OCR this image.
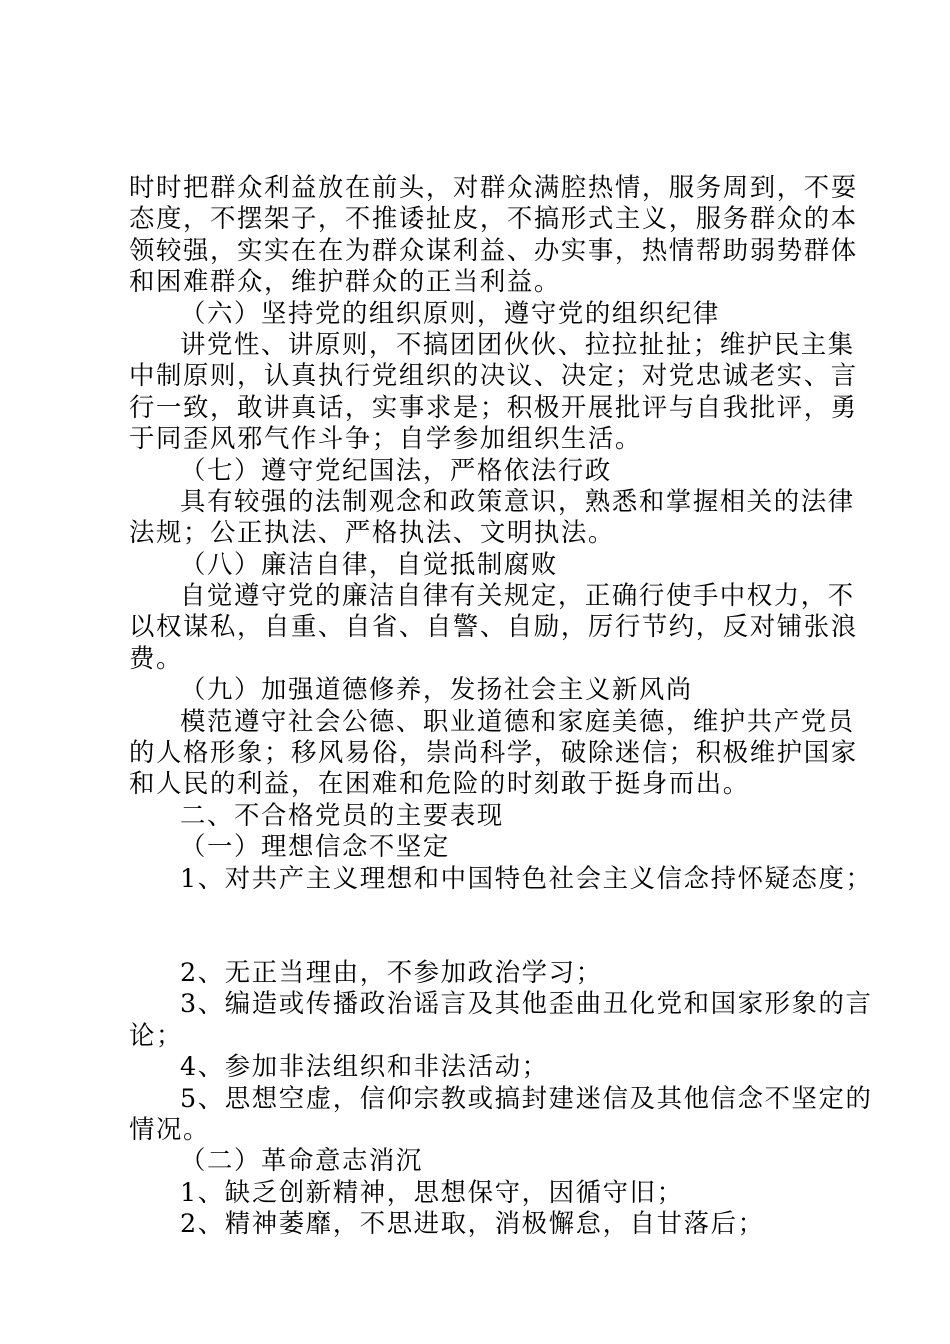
时时把群众利益放在前头，对群众满腔热情，服务周到，不耍
态度，不摆架子，不推诿扯皮，不搞形式主义，服务群众的本
领较强，实实在在为群众谋利益、办实事，热情帮助弱势群体
和困难群众，维护群众的正当利益。
（六）坚持党的组织原则，遵守党的组织纪律
讲党性、讲原则，不搞团团伙伙、拉拉扯扯；维护民主集
中制原则，认真执行党组织的决议、决定；对党忠诚老实、言
行一致，敢讲真话，实事求是；积极开展批评与自我批评，勇
于同歪风邪气作斗争；自学参加组织生活。
（七）遵守党纪国法，严格依法行政
具有较强的法制观念和政策意识，熟悉和掌握相关的法律
法规；公正执法、严格执法、文明执法。
（八）廉洁自律，自觉抵制腐败
自觉遵守党的廉洁自律有关规定，正确行使手中权力，不
以权谋私，自重、自省、自警、自励，厉行节约，反对铺张浪
费。
（九）加强道德修养，发扬社会主义新风尚
模范遵守社会公德、职业道德和家庭美德，维护共产党员
的人格形象；移风易俗，崇尚科学，破除迷信；积极维护国家
和人民的利益，在困难和危险的时刻敢于挺身而出。
二、不合格党员的主要表现
（一）理想信念不坚定
1、对共产主义理想和中国特色社会主义信念持怀疑态度；
2、无正当理由，不参加政治学习；
3、编造或传播政治谣言及其他歪曲丑化党和国家形象的言
论；
4、参加非法组织和非法活动；
5、思想空虚，信仰宗教或搞封建迷信及其他信念不坚定的
情况。
（二）革命意志消沉
1、缺乏创新精神，思想保守，因循守旧；
2、精神萎靡，不思进取，消极懈怠，自甘落后；
